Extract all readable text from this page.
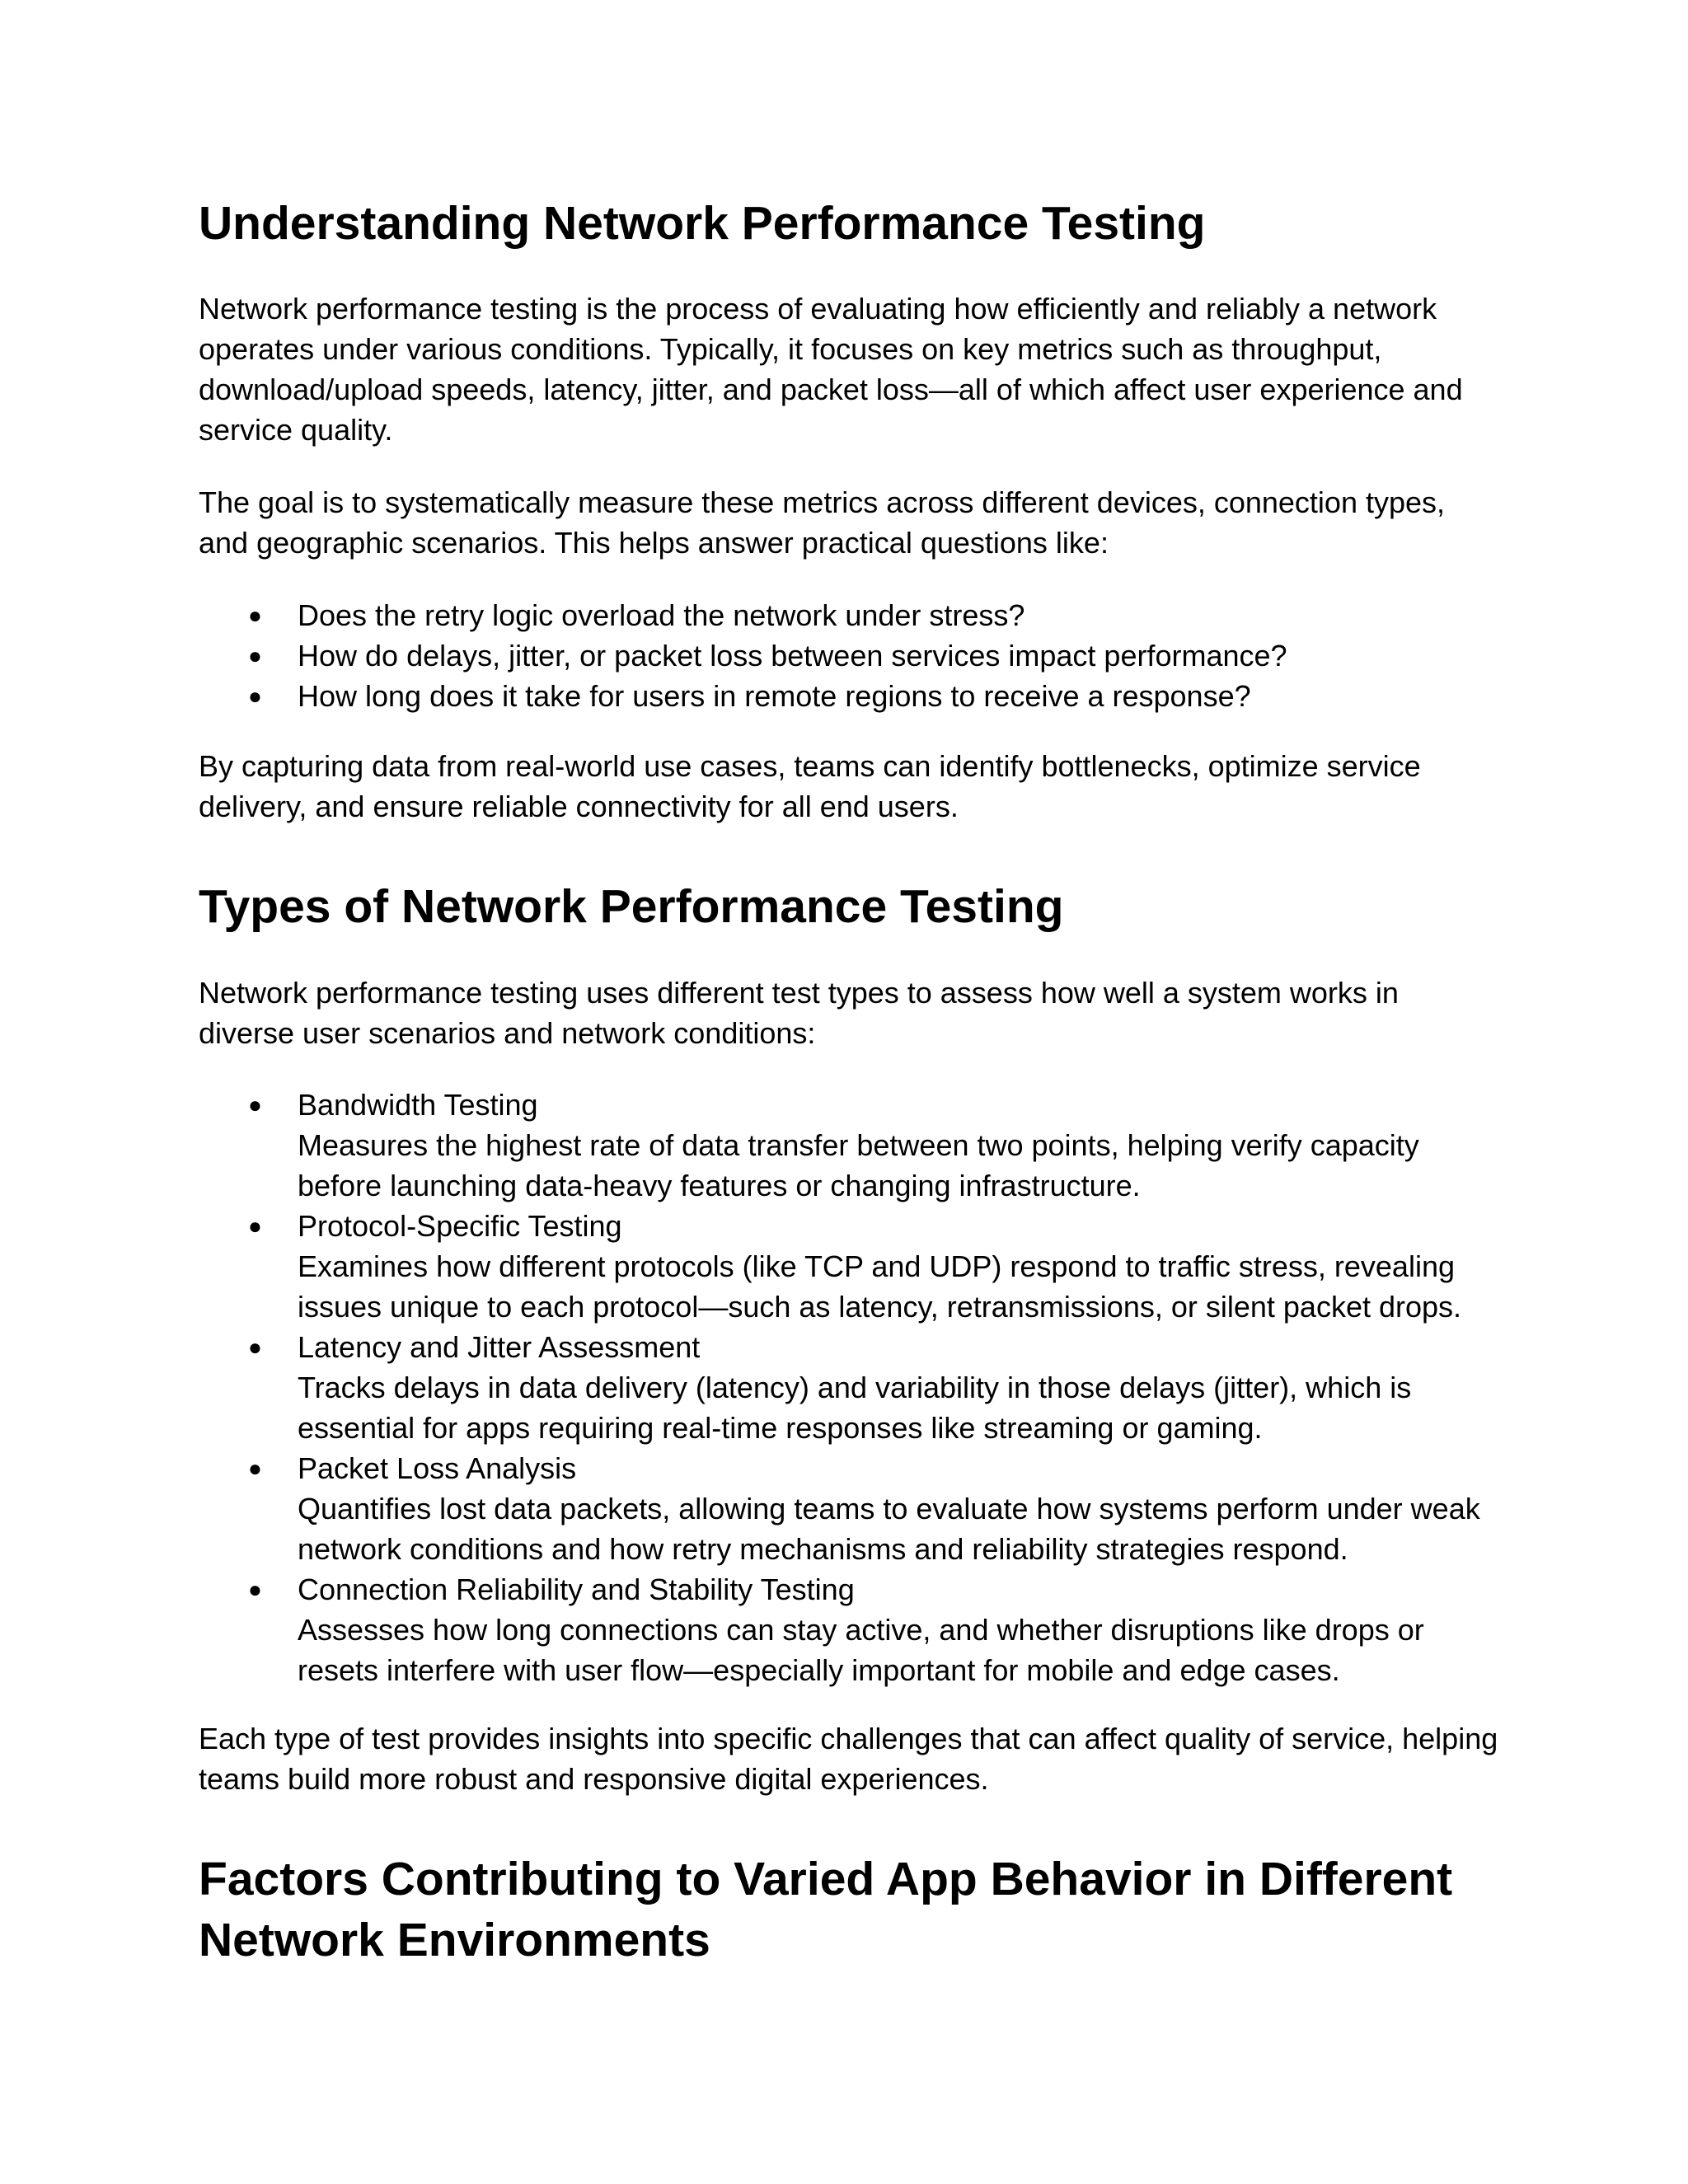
Understanding Network Performance Testing

Network performance testing is the process of evaluating how efficiently and reliably a network operates under various conditions. Typically, it focuses on key metrics such as throughput, download/upload speeds, latency, jitter, and packet loss—all of which affect user experience and service quality.

The goal is to systematically measure these metrics across different devices, connection types, and geographic scenarios. This helps answer practical questions like:

●	Does the retry logic overload the network under stress?
●	How do delays, jitter, or packet loss between services impact performance?
●	How long does it take for users in remote regions to receive a response?

By capturing data from real-world use cases, teams can identify bottlenecks, optimize service delivery, and ensure reliable connectivity for all end users.

Types of Network Performance Testing

Network performance testing uses different test types to assess how well a system works in diverse user scenarios and network conditions:

●	Bandwidth Testing
Measures the highest rate of data transfer between two points, helping verify capacity before launching data-heavy features or changing infrastructure.
●	Protocol-Specific Testing
Examines how different protocols (like TCP and UDP) respond to traffic stress, revealing issues unique to each protocol—such as latency, retransmissions, or silent packet drops.
●	Latency and Jitter Assessment
Tracks delays in data delivery (latency) and variability in those delays (jitter), which is essential for apps requiring real-time responses like streaming or gaming.
●	Packet Loss Analysis
Quantifies lost data packets, allowing teams to evaluate how systems perform under weak network conditions and how retry mechanisms and reliability strategies respond.
●	Connection Reliability and Stability Testing
Assesses how long connections can stay active, and whether disruptions like drops or resets interfere with user flow—especially important for mobile and edge cases.

Each type of test provides insights into specific challenges that can affect quality of service, helping teams build more robust and responsive digital experiences.

Factors Contributing to Varied App Behavior in Different Network Environments
